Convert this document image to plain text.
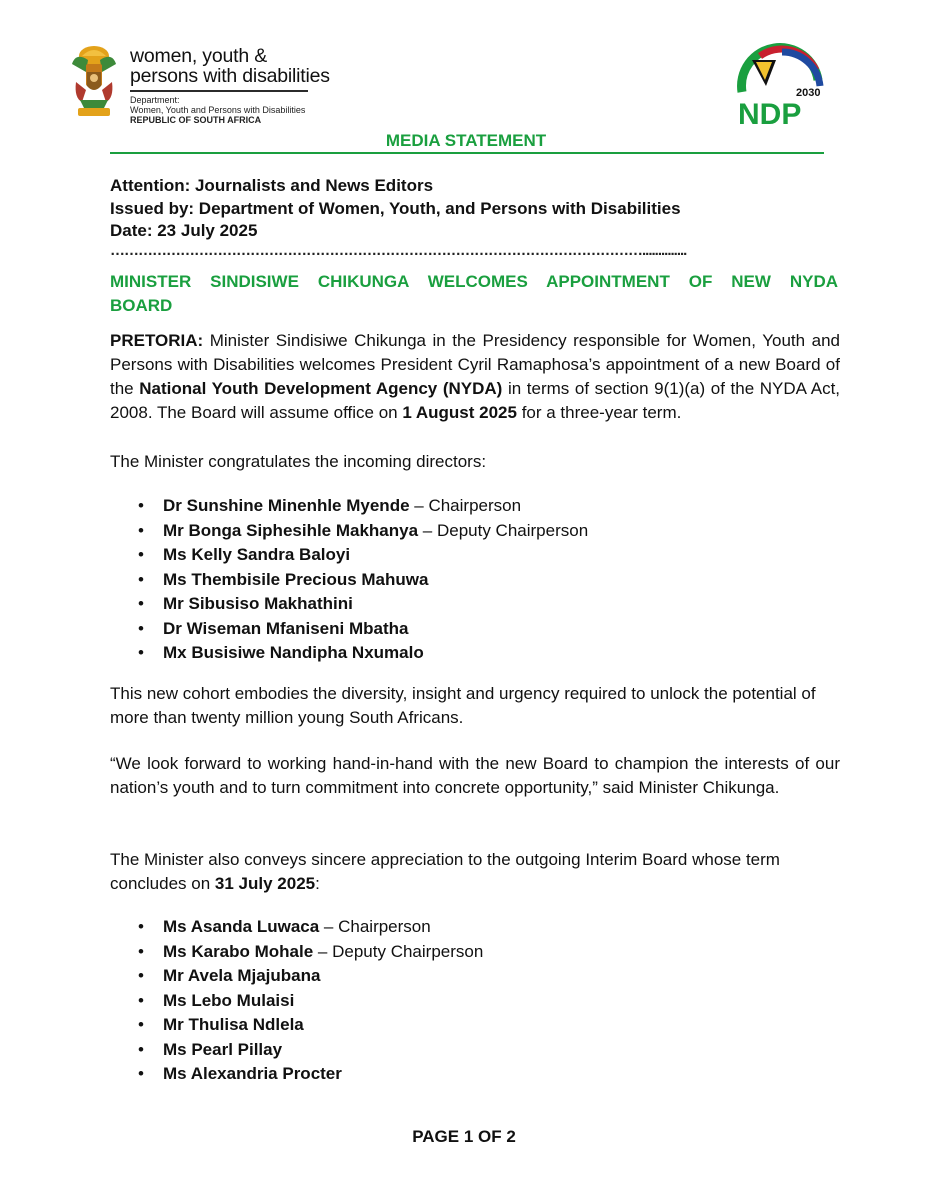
women, youth &
persons with disabilities
Department:
Women, Youth and Persons with Disabilities
REPUBLIC OF SOUTH AFRICA
2030
NDP
MEDIA STATEMENT
Attention: Journalists and News Editors
Issued by: Department of Women, Youth, and Persons with Disabilities
Date: 23 July 2025
……………………………………………………………………………………………………..............
MINISTER SINDISIWE CHIKUNGA WELCOMES APPOINTMENT OF NEW NYDA BOARD
PRETORIA: Minister Sindisiwe Chikunga in the Presidency responsible for Women, Youth and Persons with Disabilities welcomes President Cyril Ramaphosa’s appointment of a new Board of the National Youth Development Agency (NYDA) in terms of section 9(1)(a) of the NYDA Act, 2008. The Board will assume office on 1 August 2025 for a three-year term.
The Minister congratulates the incoming directors:
• Dr Sunshine Minenhle Myende – Chairperson
• Mr Bonga Siphesihle Makhanya – Deputy Chairperson
• Ms Kelly Sandra Baloyi
• Ms Thembisile Precious Mahuwa
• Mr Sibusiso Makhathini
• Dr Wiseman Mfaniseni Mbatha
• Mx Busisiwe Nandipha Nxumalo
This new cohort embodies the diversity, insight and urgency required to unlock the potential of more than twenty million young South Africans.
“We look forward to working hand-in-hand with the new Board to champion the interests of our nation’s youth and to turn commitment into concrete opportunity,” said Minister Chikunga.
The Minister also conveys sincere appreciation to the outgoing Interim Board whose term concludes on 31 July 2025:
• Ms Asanda Luwaca – Chairperson
• Ms Karabo Mohale – Deputy Chairperson
• Mr Avela Mjajubana
• Ms Lebo Mulaisi
• Mr Thulisa Ndlela
• Ms Pearl Pillay
• Ms Alexandria Procter
PAGE 1 OF 2
